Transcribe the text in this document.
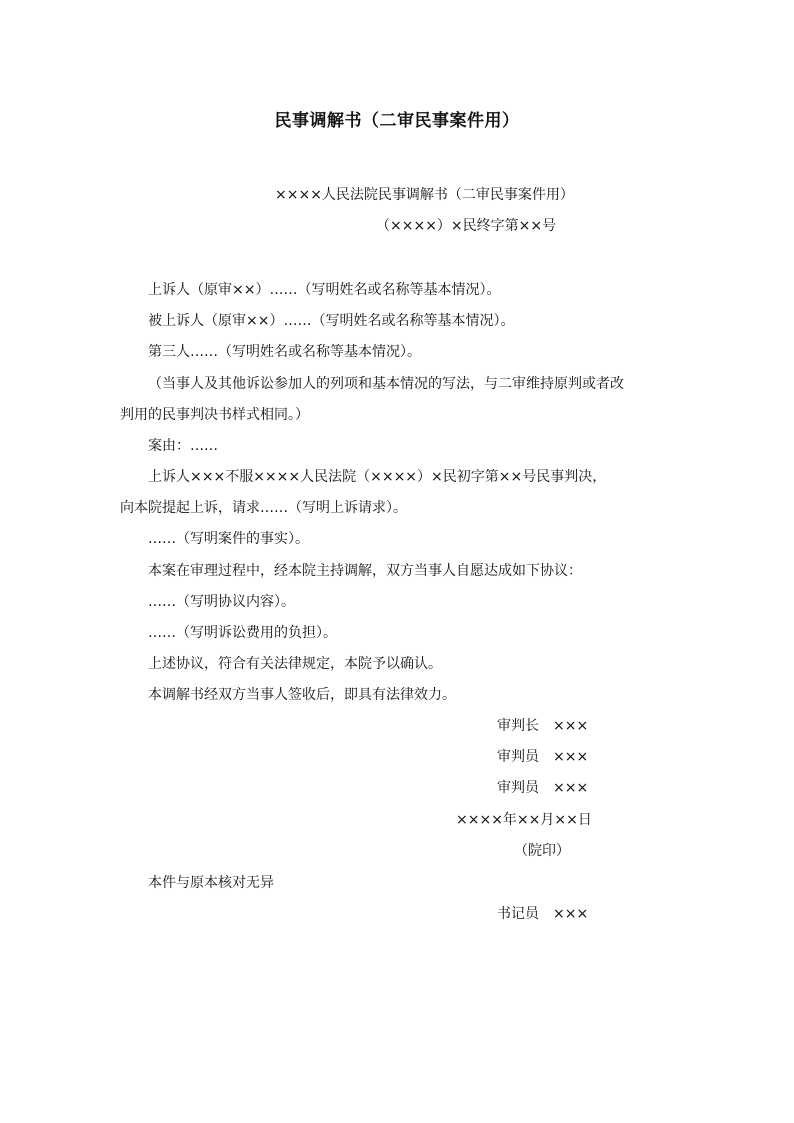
民事调解书（二审民事案件用）
××××人民法院民事调解书（二审民事案件用）
（××××）×民终字第××号
上诉人（原审××）……（写明姓名或名称等基本情况）。
被上诉人（原审××）……（写明姓名或名称等基本情况）。
第三人……（写明姓名或名称等基本情况）。
（当事人及其他诉讼参加人的列项和基本情况的写法，与二审维持原判或者改
判用的民事判决书样式相同。）
案由：……
上诉人×××不服××××人民法院（××××）×民初字第××号民事判决，
向本院提起上诉，请求……（写明上诉请求）。
……（写明案件的事实）。
本案在审理过程中，经本院主持调解，双方当事人自愿达成如下协议：
……（写明协议内容）。
……（写明诉讼费用的负担）。
上述协议，符合有关法律规定，本院予以确认。
本调解书经双方当事人签收后，即具有法律效力。
审判长 ×××
审判员 ×××
审判员 ×××
××××年××月××日
（院印）
本件与原本核对无异
书记员 ×××
